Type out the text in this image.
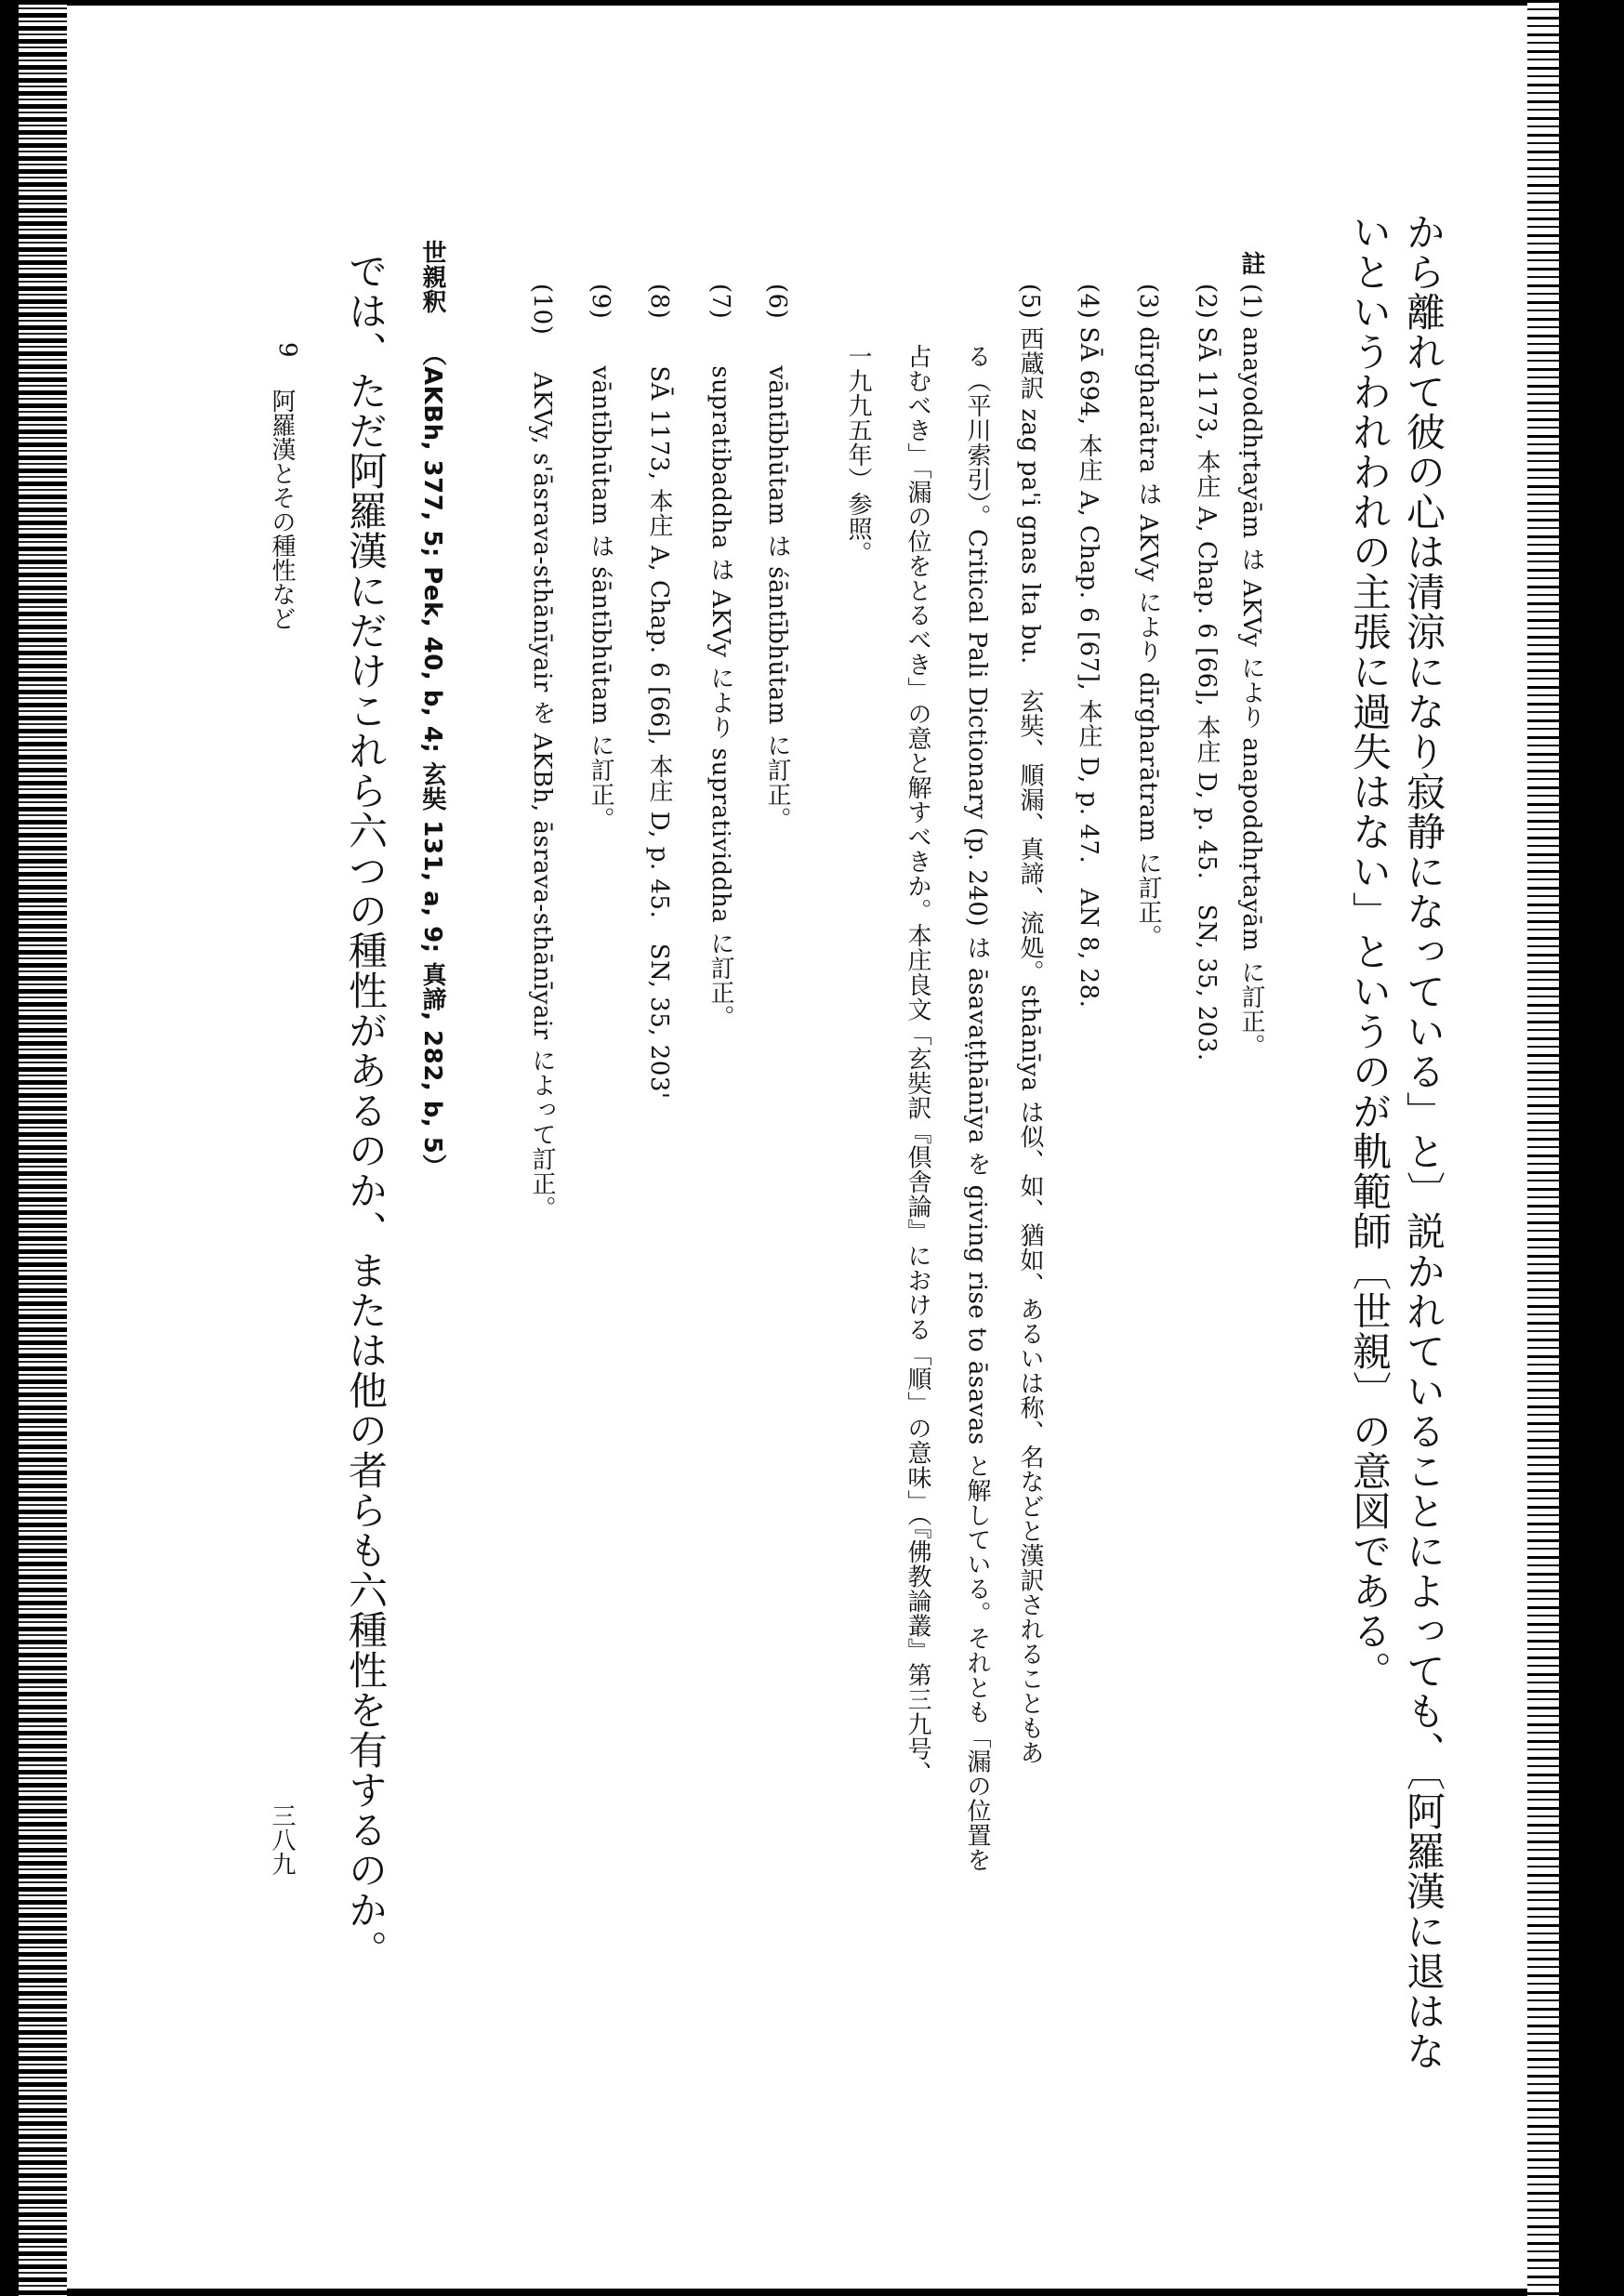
から離れて彼の心は清涼になり寂静になっている」と〕説かれていることによっても、〔阿羅漢に退はな
いというわれわれの主張に過失はない」というのが軌範師〔世親〕の意図である。
註
(1)anayoddhṛtayām は AKVy により anapoddhṛtayām に訂正。
(2)SĀ 1173, 本庄 A, Chap. 6 [66], 本庄 D, p. 45.　SN, 35, 203.
(3)dīrgharātra は AKVy により dīrgharātram に訂正。
(4)SĀ 694, 本庄 A, Chap. 6 [67], 本庄 D, p. 47.　AN 8, 28.
(5)西蔵訳 zag pa'i gnas lta bu.　玄奘、順漏、真諦、流処。sthānīya は似、如、猶如、あるいは称、名などと漢訳されることもあ
る（平川索引）。Critical Pali Dictionary (p. 240) は āsavaṭṭhānīya を giving rise to āsavas と解している。それとも「漏の位置を
占むべき」「漏の位をとるべき」の意と解すべきか。本庄良文「玄奘訳『倶舎論』における「順」の意味」（『佛教論叢』第三九号、
一九九五年）参照。
(6)vāntībhūtam は śāntībhūtam に訂正。
(7)supratibaddha は AKVy により supratividdha に訂正。
(8)SĀ 1173, 本庄 A, Chap. 6 [66], 本庄 D, p. 45.　SN, 35, 203'
(9)vāntībhūtam は śāntībhūtam に訂正。
(10)AKVy, s'āsrava-sthānīyair を AKBh, āsrava-sthānīyair によって訂正。
世親釈（AKBh, 377, 5; Pek, 40, b, 4; 玄奘 131, a, 9; 真諦, 282, b, 5）
では、ただ阿羅漢にだけこれら六つの種性があるのか、または他の者らも六種性を有するのか。
9
阿羅漢とその種性など
三八九
